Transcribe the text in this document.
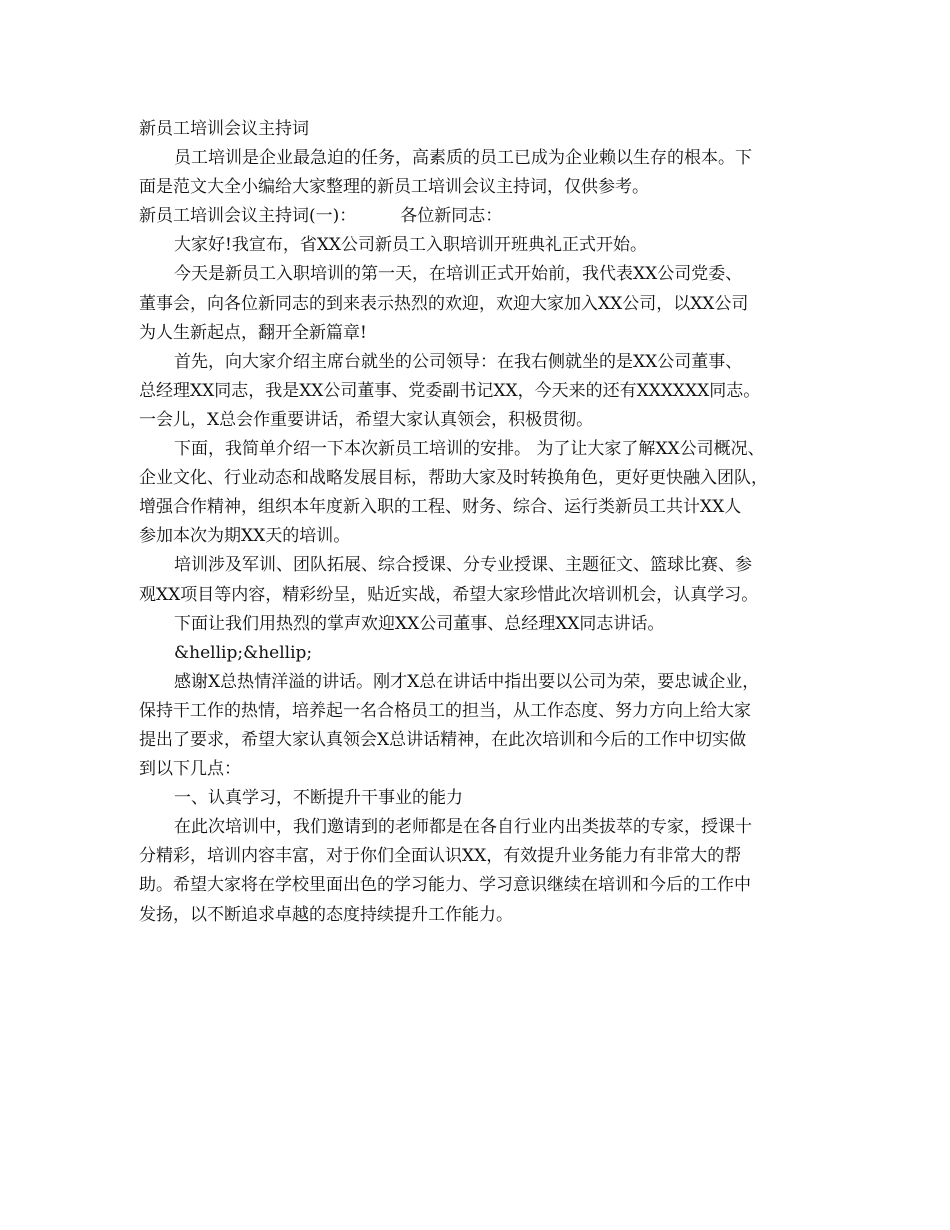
新员工培训会议主持词
员工培训是企业最急迫的任务，高素质的员工已成为企业赖以生存的根本。下
面是范文大全小编给大家整理的新员工培训会议主持词，仅供参考。
新员工培训会议主持词(一)：	各位新同志：
大家好!我宣布，省XX公司新员工入职培训开班典礼正式开始。
今天是新员工入职培训的第一天，在培训正式开始前，我代表XX公司党委、
董事会，向各位新同志的到来表示热烈的欢迎，欢迎大家加入XX公司，以XX公司
为人生新起点，翻开全新篇章!
首先，向大家介绍主席台就坐的公司领导：在我右侧就坐的是XX公司董事、
总经理XX同志，我是XX公司董事、党委副书记XX，今天来的还有XXXXXX同志。
一会儿，X总会作重要讲话，希望大家认真领会，积极贯彻。
下面，我简单介绍一下本次新员工培训的安排。 为了让大家了解XX公司概况、
企业文化、行业动态和战略发展目标，帮助大家及时转换角色，更好更快融入团队，
增强合作精神，组织本年度新入职的工程、财务、综合、运行类新员工共计XX人
参加本次为期XX天的培训。
培训涉及军训、团队拓展、综合授课、分专业授课、主题征文、篮球比赛、参
观XX项目等内容，精彩纷呈，贴近实战，希望大家珍惜此次培训机会，认真学习。
下面让我们用热烈的掌声欢迎XX公司董事、总经理XX同志讲话。
&hellip;&hellip;
感谢X总热情洋溢的讲话。刚才X总在讲话中指出要以公司为荣，要忠诚企业，
保持干工作的热情，培养起一名合格员工的担当，从工作态度、努力方向上给大家
提出了要求，希望大家认真领会X总讲话精神，在此次培训和今后的工作中切实做
到以下几点：
一、认真学习，不断提升干事业的能力
在此次培训中，我们邀请到的老师都是在各自行业内出类拔萃的专家，授课十
分精彩，培训内容丰富，对于你们全面认识XX，有效提升业务能力有非常大的帮
助。希望大家将在学校里面出色的学习能力、学习意识继续在培训和今后的工作中
发扬，以不断追求卓越的态度持续提升工作能力。
